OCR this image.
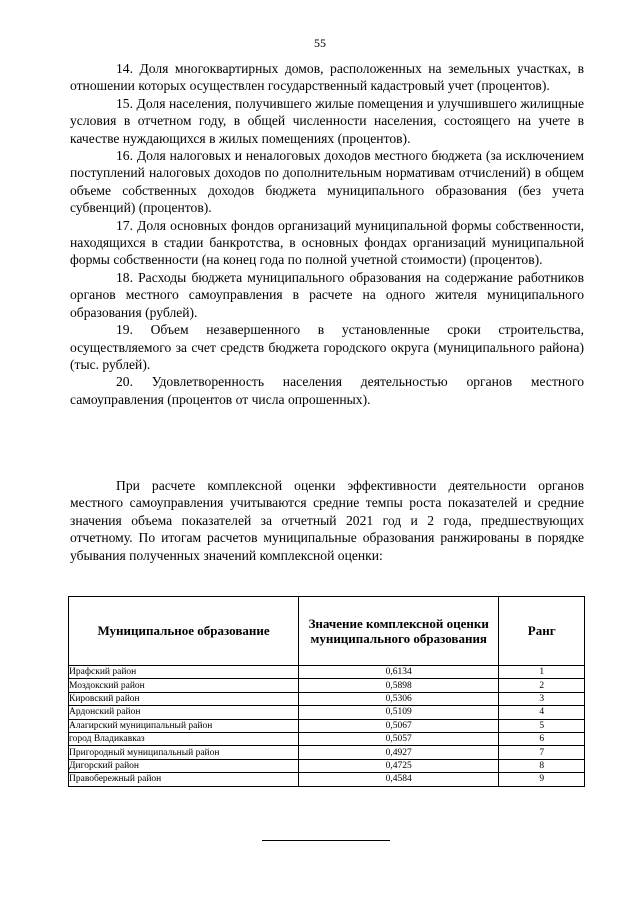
55

14. Доля многоквартирных домов, расположенных на земельных участках, в отношении которых осуществлен государственный кадастровый учет (процентов).

15. Доля населения, получившего жилые помещения и улучшившего жилищные условия в отчетном году, в общей численности населения, состоящего на учете в качестве нуждающихся в жилых помещениях (процентов).

16. Доля налоговых и неналоговых доходов местного бюджета (за исключением поступлений налоговых доходов по дополнительным нормативам отчислений) в общем объеме собственных доходов бюджета муниципального образования (без учета субвенций) (процентов).

17. Доля основных фондов организаций муниципальной формы собственности, находящихся в стадии банкротства, в основных фондах организаций муниципальной формы собственности (на конец года по полной учетной стоимости) (процентов).

18. Расходы бюджета муниципального образования на содержание работников органов местного самоуправления в расчете на одного жителя муниципального образования (рублей).

19. Объем незавершенного в установленные сроки строительства, осуществляемого за счет средств бюджета городского округа (муниципального района) (тыс. рублей).

20. Удовлетворенность населения деятельностью органов местного самоуправления (процентов от числа опрошенных).

При расчете комплексной оценки эффективности деятельности органов местного самоуправления учитываются средние темпы роста показателей и средние значения объема показателей за отчетный 2021 год и 2 года, предшествующих отчетному. По итогам расчетов муниципальные образования ранжированы в порядке убывания полученных значений комплексной оценки:

Муниципальное образование	Значение комплексной оценки муниципального образования	Ранг
Ирафский район	0,6134	1
Моздокский район	0,5898	2
Кировский район	0,5306	3
Ардонский район	0,5109	4
Алагирский муниципальный район	0,5067	5
город Владикавказ	0,5057	6
Пригородный муниципальный район	0,4927	7
Дигорский район	0,4725	8
Правобережный район	0,4584	9
